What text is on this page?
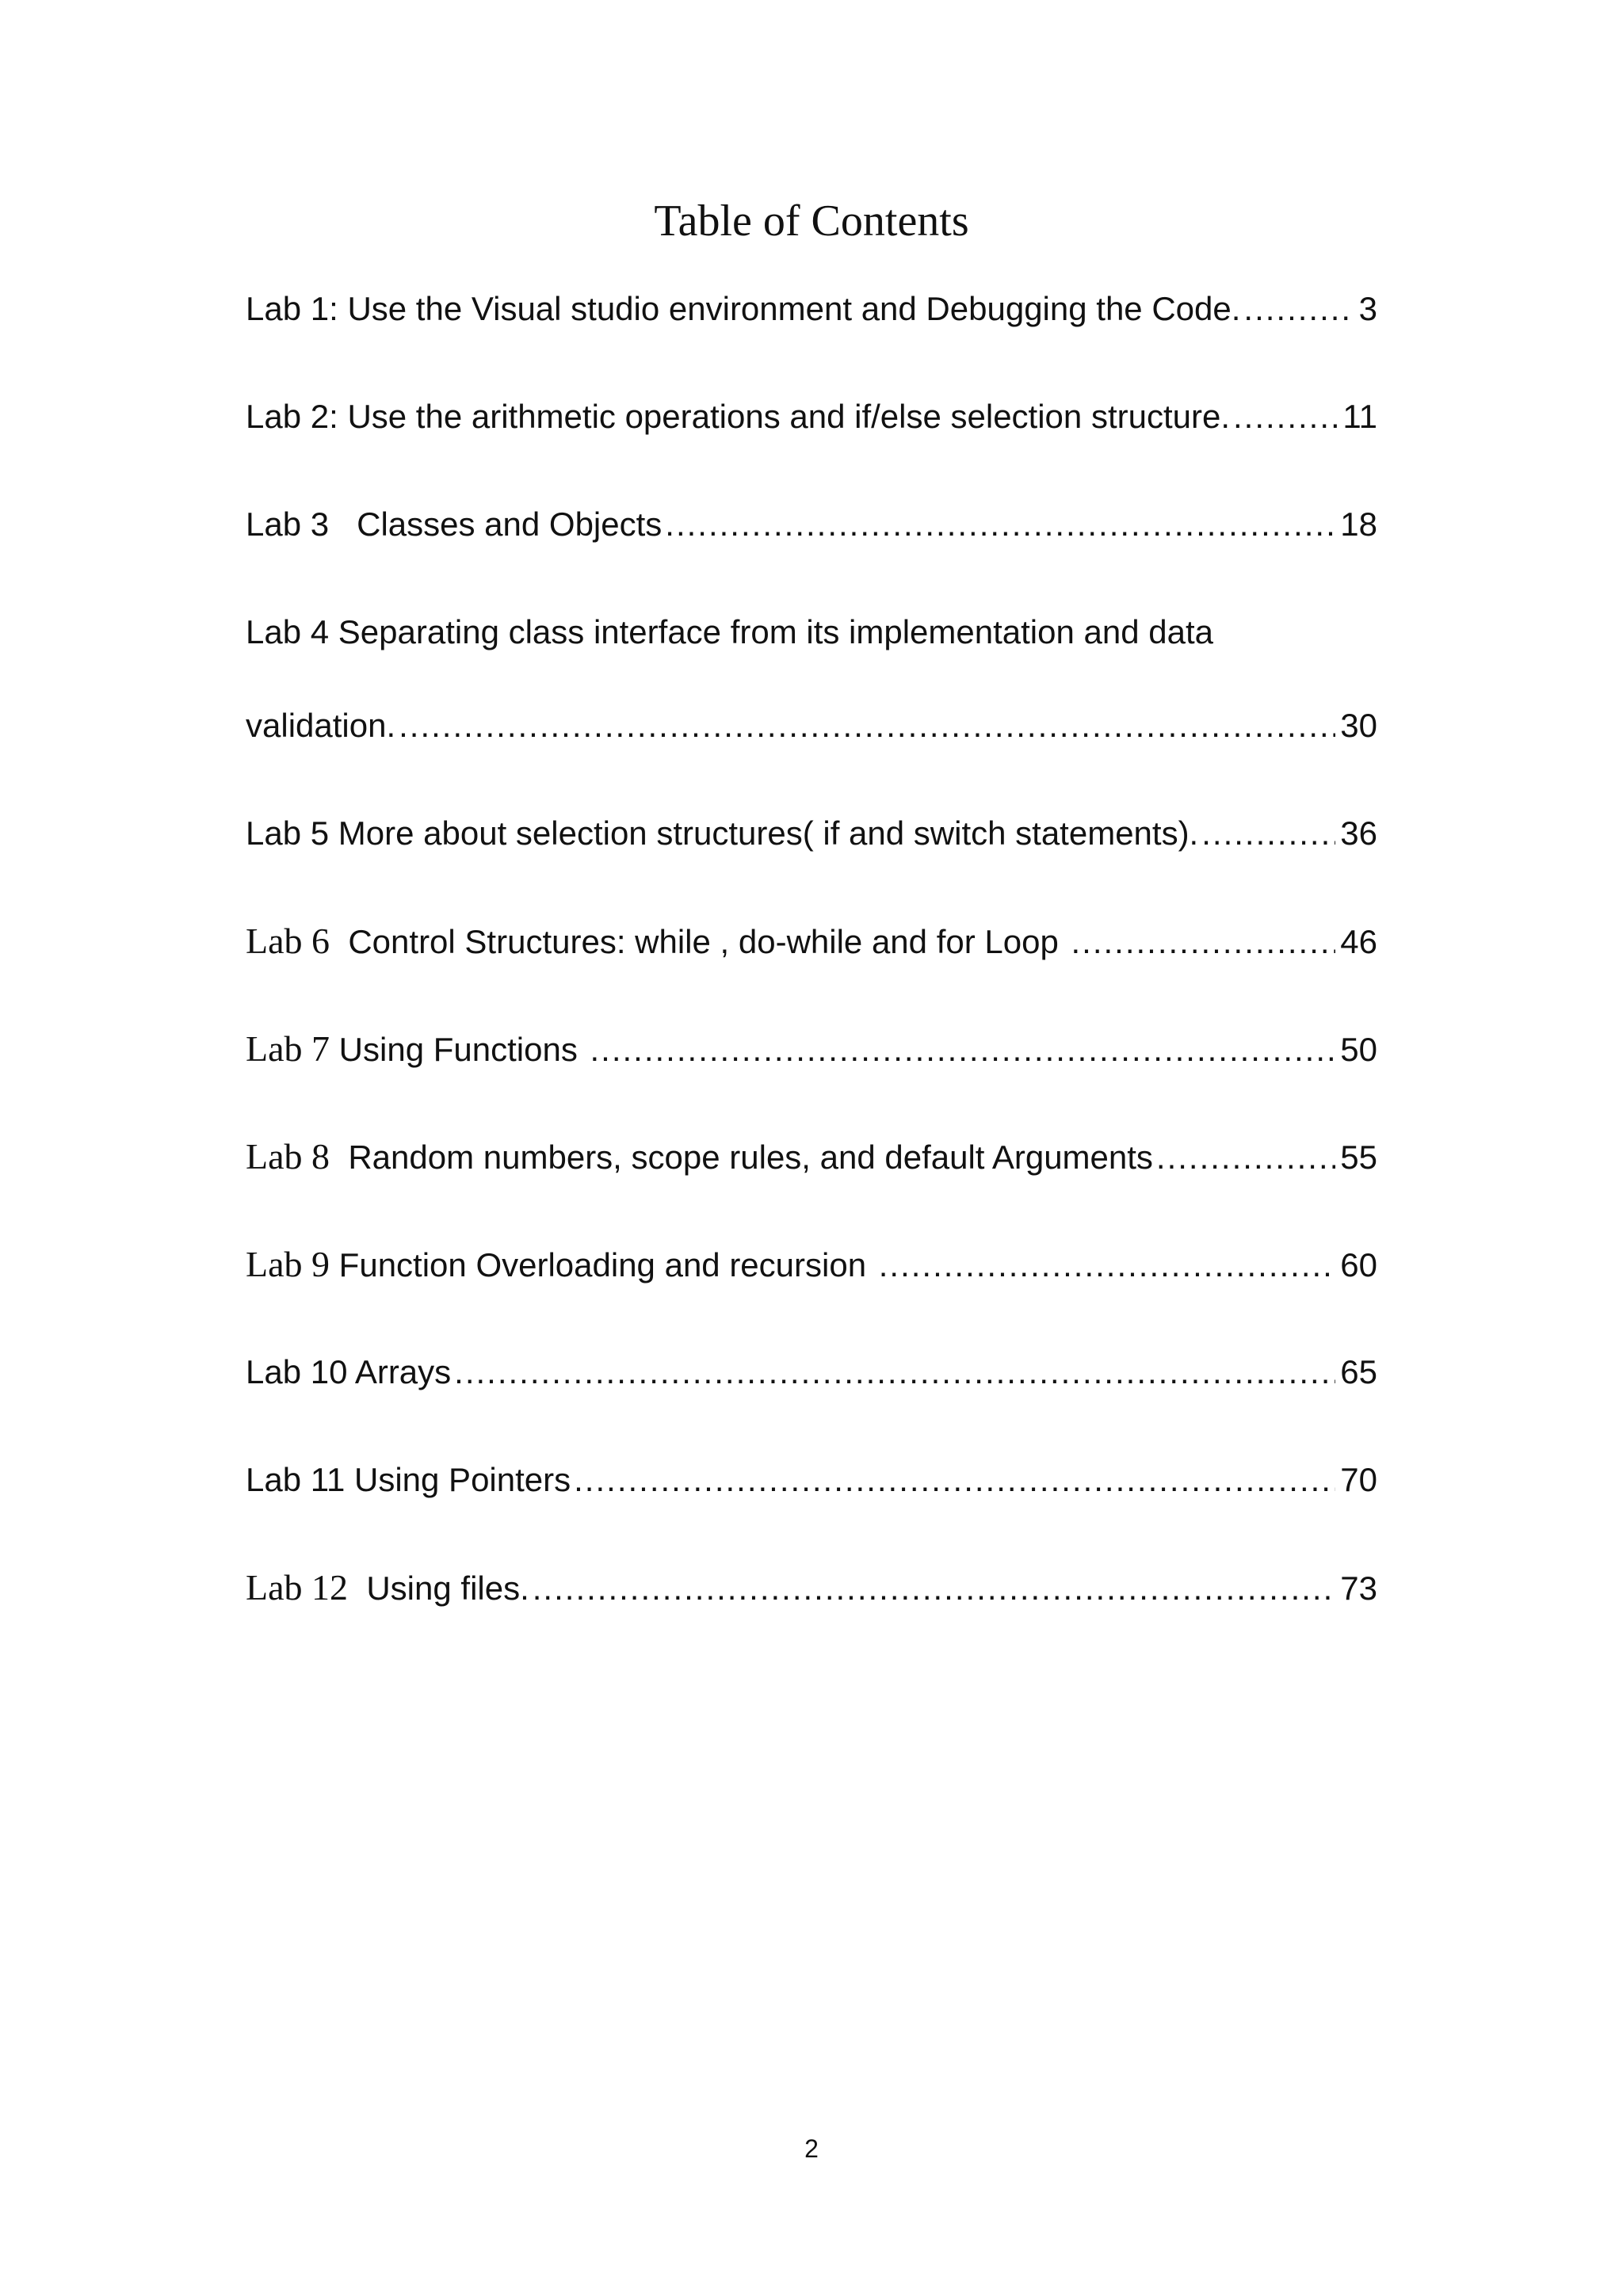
Table of Contents
Lab 1: Use the Visual studio environment and Debugging the Code. .....	3
Lab 2: Use the arithmetic operations and if/else selection structure. .....	11
Lab 3   Classes and Objects .....	18
Lab 4 Separating class interface from its implementation and data
validation. .....	30
Lab 5 More about selection structures( if and switch statements). .....	36
Lab 6  Control Structures: while , do-while and for Loop .....	46
Lab 7 Using Functions .....	50
Lab 8  Random numbers, scope rules, and default Arguments .....	55
Lab 9 Function Overloading and recursion .....	60
Lab 10 Arrays .....	65
Lab 11 Using Pointers .....	70
Lab 12  Using files. .....	73
2
